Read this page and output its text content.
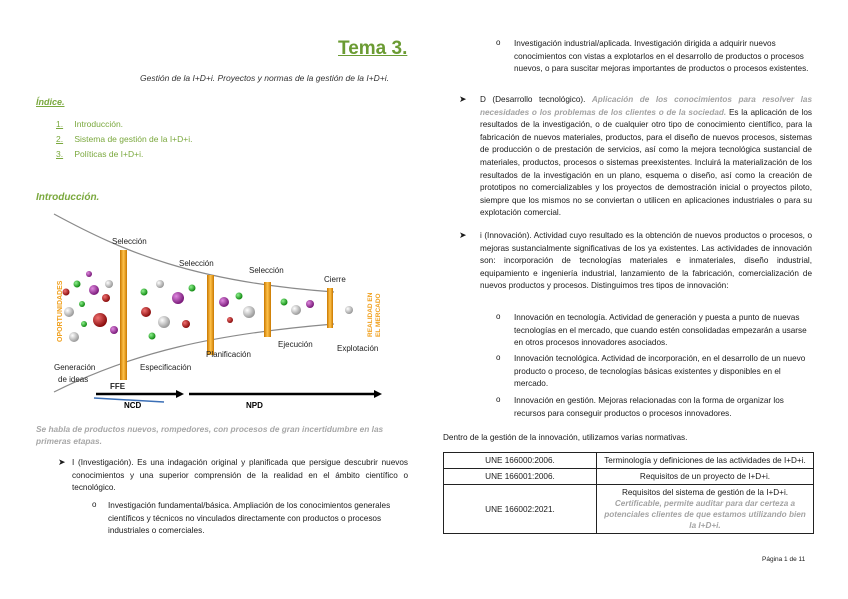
Tema 3.
Gestión de la I+D+i. Proyectos y normas de la gestión de la I+D+i.
Índice.
1. Introducción.
2. Sistema de gestión de la I+D+i.
3. Políticas de I+D+i.
Introducción.
OPORTUNIDADES	REALIDAD EN EL MERCADO
Selección
Selección
Selección
Cierre
Generación
de ideas
FFE
Especificación
Planificación
Ejecución	Explotación
NCD	NPD
Se habla de productos nuevos, rompedores, con procesos de gran incertidumbre en las primeras etapas.
➤ I (Investigación). Es una indagación original y planificada que persigue descubrir nuevos conocimientos y una superior comprensión de la realidad en el ámbito científico o tecnológico.
o Investigación fundamental/básica. Ampliación de los conocimientos generales científicos y técnicos no vinculados directamente con productos o procesos industriales o comerciales.
o Investigación industrial/aplicada. Investigación dirigida a adquirir nuevos conocimientos con vistas a explotarlos en el desarrollo de productos o procesos nuevos, o para suscitar mejoras importantes de productos o procesos existentes.
➤ D (Desarrollo tecnológico). Aplicación de los conocimientos para resolver las necesidades o los problemas de los clientes o de la sociedad. Es la aplicación de los resultados de la investigación, o de cualquier otro tipo de conocimiento científico, para la fabricación de nuevos materiales, productos, para el diseño de nuevos procesos, sistemas de producción o de prestación de servicios, así como la mejora tecnológica sustancial de materiales, productos, procesos o sistemas preexistentes. Incluirá la materialización de los resultados de la investigación en un plano, esquema o diseño, así como la creación de prototipos no comercializables y los proyectos de demostración inicial o proyectos piloto, siempre que los mismos no se conviertan o utilicen en aplicaciones industriales o para su explotación comercial.
➤ i (Innovación). Actividad cuyo resultado es la obtención de nuevos productos o procesos, o mejoras sustancialmente significativas de los ya existentes. Las actividades de innovación son: incorporación de tecnologías materiales e inmateriales, diseño industrial, equipamiento e ingeniería industrial, lanzamiento de la fabricación, comercialización de nuevos productos y procesos. Distinguimos tres tipos de innovación:
o Innovación en tecnología. Actividad de generación y puesta a punto de nuevas tecnologías en el mercado, que cuando estén consolidadas empezarán a usarse en otros procesos innovadores asociados.
o Innovación tecnológica. Actividad de incorporación, en el desarrollo de un nuevo producto o proceso, de tecnologías básicas existentes y disponibles en el mercado.
o Innovación en gestión. Mejoras relacionadas con la forma de organizar los recursos para conseguir productos o procesos innovadores.
Dentro de la gestión de la innovación, utilizamos varias normativas.
UNE 166000:2006.	Terminología y definiciones de las actividades de I+D+i.
UNE 166001:2006.	Requisitos de un proyecto de I+D+i.
UNE 166002:2021.	Requisitos del sistema de gestión de la I+D+i.
Certificable, permite auditar para dar certeza a potenciales clientes de que estamos utilizando bien la I+D+i.
Página 1 de 11
